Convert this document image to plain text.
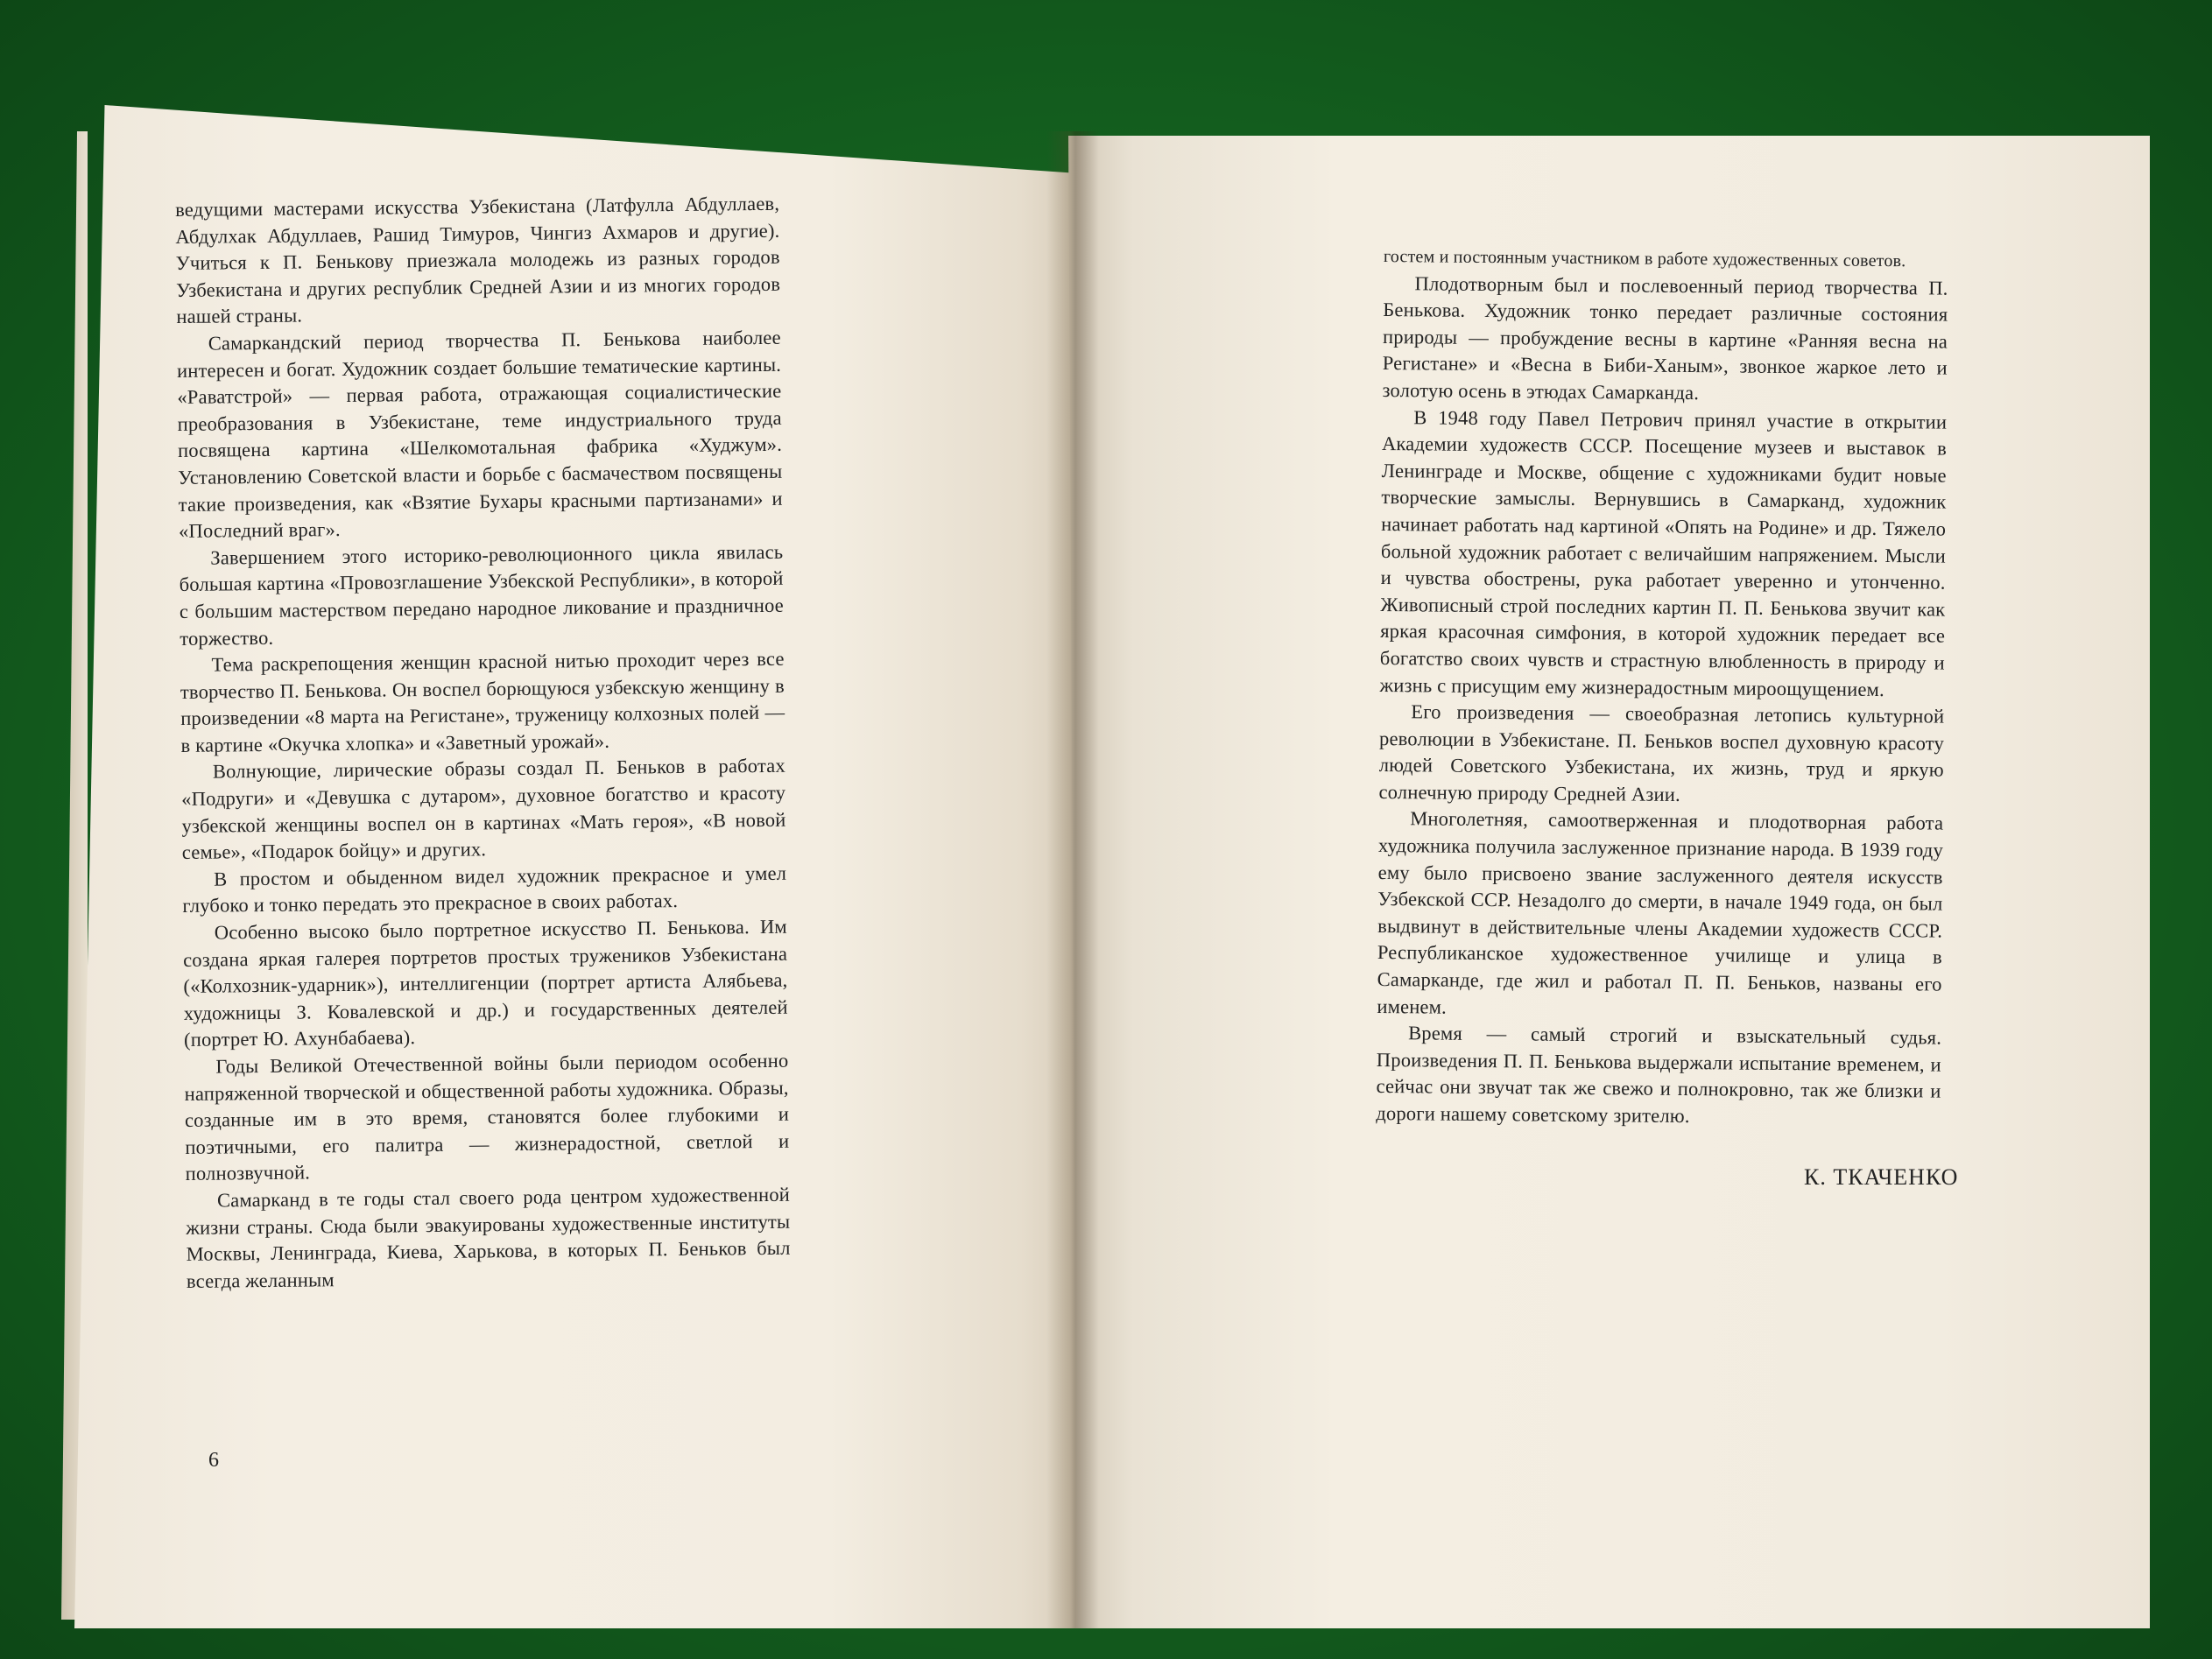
ведущими мастерами искусства Узбекистана (Латфулла Абдуллаев, Абдулхак Абдуллаев, Рашид Тимуров, Чингиз Ахмаров и другие). Учиться к П. Бенькову приезжала молодежь из разных городов Узбекистана и других республик Средней Азии и из многих городов нашей страны.

Самаркандский период творчества П. Бенькова наиболее интересен и богат. Художник создает большие тематические картины. «Раватстрой» — первая работа, отражающая социалистические преобразования в Узбекистане, теме индустриального труда посвящена картина «Шелкомотальная фабрика «Худжум». Установлению Советской власти и борьбе с басмачеством посвящены такие произведения, как «Взятие Бухары красными партизанами» и «Последний враг».

Завершением этого историко-революционного цикла явилась большая картина «Провозглашение Узбекской Республики», в которой с большим мастерством передано народное ликование и праздничное торжество.

Тема раскрепощения женщин красной нитью проходит через все творчество П. Бенькова. Он воспел борющуюся узбекскую женщину в произведении «8 марта на Регистане», труженицу колхозных полей — в картине «Окучка хлопка» и «Заветный урожай».

Волнующие, лирические образы создал П. Беньков в работах «Подруги» и «Девушка с дутаром», духовное богатство и красоту узбекской женщины воспел он в картинах «Мать героя», «В новой семье», «Подарок бойцу» и других.

В простом и обыденном видел художник прекрасное и умел глубоко и тонко передать это прекрасное в своих работах.

Особенно высоко было портретное искусство П. Бенькова. Им создана яркая галерея портретов простых тружеников Узбекистана («Колхозник-ударник»), интеллигенции (портрет артиста Алябьева, художницы З. Ковалевской и др.) и государственных деятелей (портрет Ю. Ахунбабаева).

Годы Великой Отечественной войны были периодом особенно напряженной творческой и общественной работы художника. Образы, созданные им в это время, становятся более глубокими и поэтичными, его палитра — жизнерадостной, светлой и полнозвучной.

Самарканд в те годы стал своего рода центром художественной жизни страны. Сюда были эвакуированы художественные институты Москвы, Ленинграда, Киева, Харькова, в которых П. Беньков был всегда желанным

6

гостем и постоянным участником в работе художественных советов.

Плодотворным был и послевоенный период творчества П. Бенькова. Художник тонко передает различные состояния природы — пробуждение весны в картине «Ранняя весна на Регистане» и «Весна в Биби-Ханым», звонкое жаркое лето и золотую осень в этюдах Самарканда.

В 1948 году Павел Петрович принял участие в открытии Академии художеств СССР. Посещение музеев и выставок в Ленинграде и Москве, общение с художниками будит новые творческие замыслы. Вернувшись в Самарканд, художник начинает работать над картиной «Опять на Родине» и др. Тяжело больной художник работает с величайшим напряжением. Мысли и чувства обострены, рука работает уверенно и утонченно. Живописный строй последних картин П. П. Бенькова звучит как яркая красочная симфония, в которой художник передает все богатство своих чувств и страстную влюбленность в природу и жизнь с присущим ему жизнерадостным мироощущением.

Его произведения — своеобразная летопись культурной революции в Узбекистане. П. Беньков воспел духовную красоту людей Советского Узбекистана, их жизнь, труд и яркую солнечную природу Средней Азии.

Многолетняя, самоотверженная и плодотворная работа художника получила заслуженное признание народа. В 1939 году ему было присвоено звание заслуженного деятеля искусств Узбекской ССР. Незадолго до смерти, в начале 1949 года, он был выдвинут в действительные члены Академии художеств СССР. Республиканское художественное училище и улица в Самарканде, где жил и работал П. П. Беньков, названы его именем.

Время — самый строгий и взыскательный судья. Произведения П. П. Бенькова выдержали испытание временем, и сейчас они звучат так же свежо и полнокровно, так же близки и дороги нашему советскому зрителю.

К. ТКАЧЕНКО
